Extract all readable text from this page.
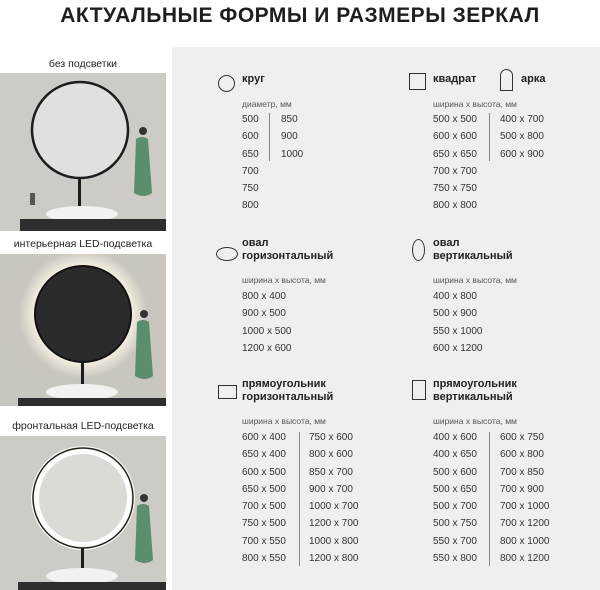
АКТУАЛЬНЫЕ ФОРМЫ И РАЗМЕРЫ ЗЕРКАЛ
без подсветки
интерьерная LED-подсветка
фронтальная LED-подсветка
круг
диаметр, мм
500
600
650
700
750
800
850
900
1000
квадрат	арка
ширина х высота, мм
500 x 500
600 x 600
650 x 650
700 x 700
750 x 750
800 x 800
400 x 700
500 x 800
600 x 900
овал
горизонтальный
ширина х высота, мм
800 x 400
900 x 500
1000 x 500
1200 x 600
овал
вертикальный
ширина х высота, мм
400 x 800
500 x 900
550 x 1000
600 x 1200
прямоугольник
горизонтальный
ширина х высота, мм
600 x 400
650 x 400
600 x 500
650 x 500
700 x 500
750 x 500
700 x 550
800 x 550
750 x 600
800 x 600
850 x 700
900 x 700
1000 x 700
1200 x 700
1000 x 800
1200 x 800
прямоугольник
вертикальный
ширина х высота, мм
400 x 600
400 x 650
500 x 600
500 x 650
500 x 700
500 x 750
550 x 700
550 x 800
600 x 750
600 x 800
700 x 850
700 x 900
700 x 1000
700 x 1200
800 x 1000
800 x 1200
